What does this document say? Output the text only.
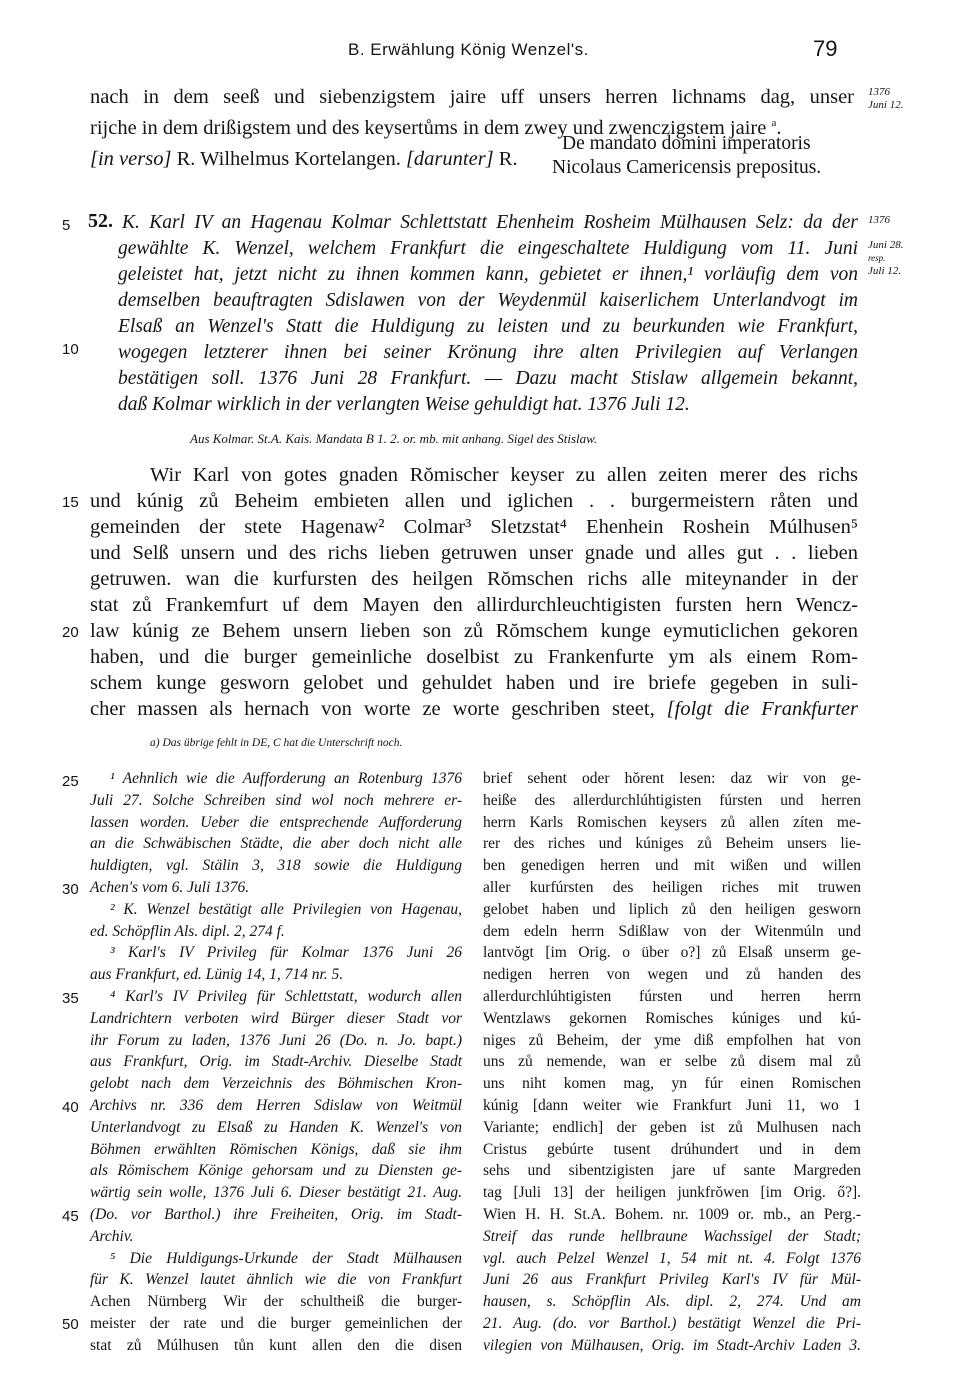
B. Erwählung König Wenzel's.	79
nach in dem seeß und siebenzigstem jaire uff unsers herren lichnams dag, unser
rijche in dem drißigstem und des keysertůms in dem zwey und zwenczigstem jaire $^a$.
1376
Juni 12.
[in verso] R. Wilhelmus Kortelangen. [darunter] R.
De mandato domini imperatoris
Nicolaus Camericensis prepositus.
5 52. K. Karl IV an Hagenau Kolmar Schlettstatt Ehenheim Rosheim Mülhausen Selz: da der
gewählte K. Wenzel, welchem Frankfurt die eingeschaltete Huldigung vom 11. Juni
geleistet hat, jetzt nicht zu ihnen kommen kann, gebietet er ihnen,¹ vorläufig dem von
demselben beauftragten Sdislawen von der Weydenmül kaiserlichem Unterlandvogt im
Elsaß an Wenzel's Statt die Huldigung zu leisten und zu beurkunden wie Frankfurt,
wogegen letzterer ihnen bei seiner Krönung ihre alten Privilegien auf Verlangen
bestätigen soll. 1376 Juni 28 Frankfurt. — Dazu macht Stislaw allgemein bekannt,
daß Kolmar wirklich in der verlangten Weise gehuldigt hat. 1376 Juli 12.
10
1376
Juni 28.
resp.
Juli 12.
Aus Kolmar. St.A. Kais. Mandata B 1. 2. or. mb. mit anhang. Sigel des Stislaw.
Wir Karl von gotes gnaden Rŏmischer keyser zu allen zeiten merer des richs
und kúnig zů Beheim embieten allen und iglichen . . burgermeistern råten und
gemeinden der stete Hagenaw² Colmar³ Sletzstat⁴ Ehenhein Roshein Múlhusen⁵
und Selß unsern und des richs lieben getruwen unser gnade und alles gut . . lieben
getruwen. wan die kurfursten des heilgen Rŏmschen richs alle miteynander in der
stat zů Frankemfurt uf dem Mayen den allirdurchleuchtigisten fursten hern Wencz-
law kúnig ze Behem unsern lieben son zů Rŏmschem kunge eymuticlichen gekoren
haben, und die burger gemeinliche doselbist zu Frankenfurte ym als einem Rom-
schem kunge gesworn gelobet und gehuldet haben und ire briefe gegeben in suli-
cher massen als hernach von worte ze worte geschriben steet, [folgt die Frankfurter
15
20
a) Das übrige fehlt in DE, C hat die Unterschrift noch.
25
30
35
40
45
50
¹ Aehnlich wie die Aufforderung an Rotenburg 1376
Juli 27. Solche Schreiben sind wol noch mehrere er-
lassen worden. Ueber die entsprechende Aufforderung
an die Schwäbischen Städte, die aber doch nicht alle
huldigten, vgl. Stälin 3, 318 sowie die Huldigung
Achen's vom 6. Juli 1376.
² K. Wenzel bestätigt alle Privilegien von Hagenau,
ed. Schöpflin Als. dipl. 2, 274 f.
³ Karl's IV Privileg für Kolmar 1376 Juni 26
aus Frankfurt, ed. Lünig 14, 1, 714 nr. 5.
⁴ Karl's IV Privileg für Schlettstatt, wodurch allen
Landrichtern verboten wird Bürger dieser Stadt vor
ihr Forum zu laden, 1376 Juni 26 (Do. n. Jo. bapt.)
aus Frankfurt, Orig. im Stadt-Archiv. Dieselbe Stadt
gelobt nach dem Verzeichnis des Böhmischen Kron-
Archivs nr. 336 dem Herren Sdislaw von Weitmül
Unterlandvogt zu Elsaß zu Handen K. Wenzel's von
Böhmen erwählten Römischen Königs, daß sie ihm
als Römischem Könige gehorsam und zu Diensten ge-
wärtig sein wolle, 1376 Juli 6. Dieser bestätigt 21. Aug.
(Do. vor Barthol.) ihre Freiheiten, Orig. im Stadt-
Archiv.
⁵ Die Huldigungs-Urkunde der Stadt Mülhausen
für K. Wenzel lautet ähnlich wie die von Frankfurt
Achen Nürnberg Wir der schultheiß die burger-
meister der rate und die burger gemeinlichen der
stat zů Múlhusen tůn kunt allen den die disen
brief sehent oder hŏrent lesen: daz wir von ge-
heiße des allerdurchlúhtigisten fúrsten und herren
herrn Karls Romischen keysers zů allen zíten me-
rer des riches und kúniges zů Beheim unsers lie-
ben genedigen herren und mit wißen und willen
aller kurfúrsten des heiligen riches mit truwen
gelobet haben und liplich zů den heiligen gesworn
dem edeln herrn Sdißlaw von der Witenmúln und
lantvŏgt [im Orig. o über o?] zů Elsaß unserm ge-
nedigen herren von wegen und zů handen des
allerdurchlúhtigisten fúrsten und herren herrn
Wentzlaws gekornen Romisches kúniges und kú-
niges zů Beheim, der yme diß empfolhen hat von
uns zů nemende, wan er selbe zů disem mal zů
uns niht komen mag, yn fúr einen Romischen
kúnig [dann weiter wie Frankfurt Juni 11, wo 1
Variante; endlich] der geben ist zů Mulhusen nach
Cristus gebúrte tusent drúhundert und in dem
sehs und sibentzigisten jare uf sante Margreden
tag [Juli 13] der heiligen junkfrŏwen [im Orig. ő?].
Wien H. H. St.A. Bohem. nr. 1009 or. mb., an Perg.-
Streif das runde hellbraune Wachssigel der Stadt;
vgl. auch Pelzel Wenzel 1, 54 mit nt. 4. Folgt 1376
Juni 26 aus Frankfurt Privileg Karl's IV für Mül-
hausen, s. Schöpflin Als. dipl. 2, 274. Und am
21. Aug. (do. vor Barthol.) bestätigt Wenzel die Pri-
vilegien von Mülhausen, Orig. im Stadt-Archiv Laden 3.
